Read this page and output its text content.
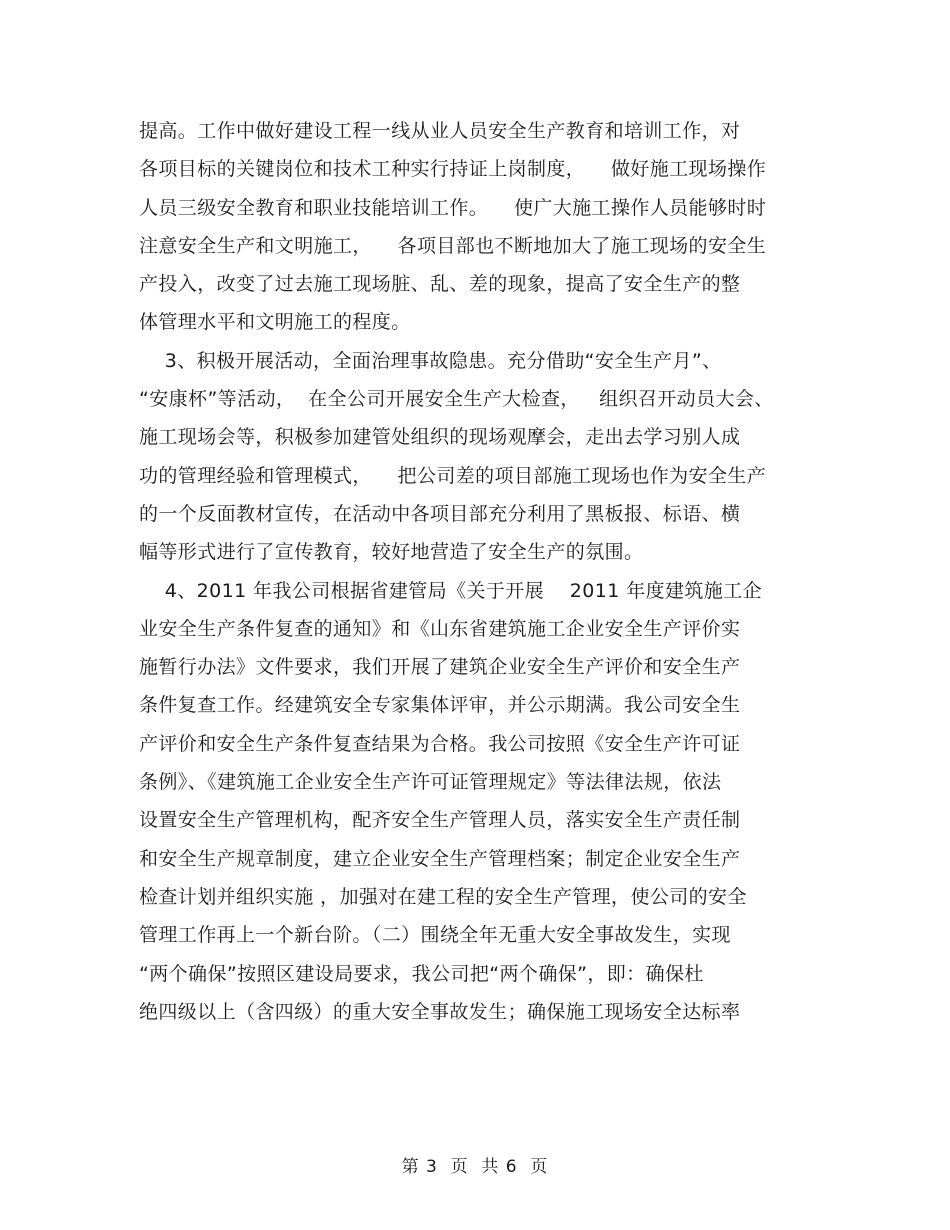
提高。工作中做好建设工程一线从业人员安全生产教育和培训工作，对
各项目标的关键岗位和技术工种实行持证上岗制度，    做好施工现场操作
人员三级安全教育和职业技能培训工作。    使广大施工操作人员能够时时
注意安全生产和文明施工，    各项目部也不断地加大了施工现场的安全生
产投入，改变了过去施工现场脏、乱、差的现象，提高了安全生产的整
体管理水平和文明施工的程度。
3、积极开展活动，全面治理事故隐患。充分借助“安全生产月”、
“安康杯”等活动，  在全公司开展安全生产大检查，   组织召开动员大会、
施工现场会等，积极参加建管处组织的现场观摩会，走出去学习别人成
功的管理经验和管理模式，    把公司差的项目部施工现场也作为安全生产
的一个反面教材宣传，在活动中各项目部充分利用了黑板报、标语、横
幅等形式进行了宣传教育，较好地营造了安全生产的氛围。
4、2011 年我公司根据省建管局《关于开展    2011 年度建筑施工企
业安全生产条件复查的通知》和《山东省建筑施工企业安全生产评价实
施暂行办法》文件要求，我们开展了建筑企业安全生产评价和安全生产
条件复查工作。经建筑安全专家集体评审，并公示期满。我公司安全生
产评价和安全生产条件复查结果为合格。我公司按照《安全生产许可证
条例》、《建筑施工企业安全生产许可证管理规定》等法律法规，依法
设置安全生产管理机构，配齐安全生产管理人员，落实安全生产责任制
和安全生产规章制度，建立企业安全生产管理档案；制定企业安全生产
检查计划并组织实施 ，加强对在建工程的安全生产管理，使公司的安全
管理工作再上一个新台阶。（二）围绕全年无重大安全事故发生，实现
“两个确保”按照区建设局要求，我公司把“两个确保”，即：确保杜
绝四级以上（含四级）的重大安全事故发生；确保施工现场安全达标率
第 3  页  共 6  页
